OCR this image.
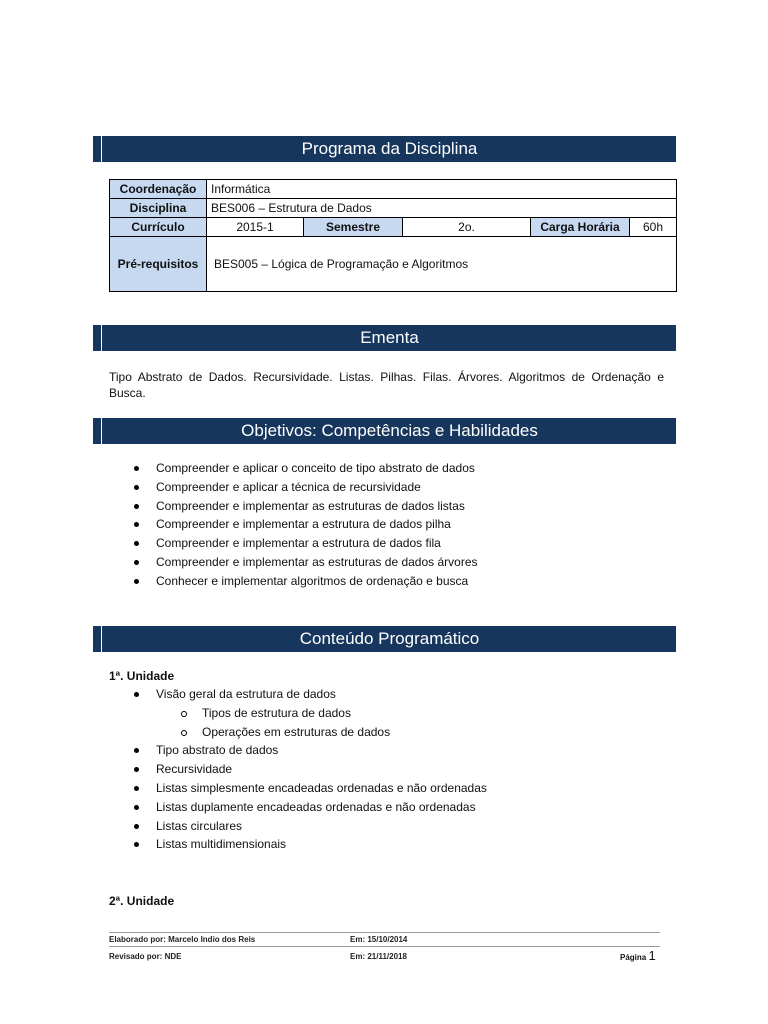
Programa da Disciplina
Coordenação	Informática				
Disciplina	BES006 – Estrutura de Dados				
Currículo	2015-1	Semestre	2o.	Carga Horária	60h
Pré-requisitos	BES005 – Lógica de Programação e Algoritmos				
Ementa
Tipo Abstrato de Dados. Recursividade. Listas. Pilhas. Filas. Árvores. Algoritmos de Ordenação e Busca.
Objetivos: Competências e Habilidades
Compreender e aplicar o conceito de tipo abstrato de dados
Compreender e aplicar a técnica de recursividade
Compreender e implementar as estruturas de dados listas
Compreender e implementar a estrutura de dados pilha
Compreender e implementar a estrutura de dados fila
Compreender e implementar as estruturas de dados árvores
Conhecer e implementar algoritmos de ordenação e busca
Conteúdo Programático
1ª. Unidade
Visão geral da estrutura de dados
Tipos de estrutura de dados
Operações em estruturas de dados
Tipo abstrato de dados
Recursividade
Listas simplesmente encadeadas ordenadas e não ordenadas
Listas duplamente encadeadas ordenadas e não ordenadas
Listas circulares
Listas multidimensionais
2ª. Unidade
Elaborado por: Marcelo Indio dos Reis	Em: 15/10/2014
Revisado por: NDE	Em: 21/11/2018	Página 1
